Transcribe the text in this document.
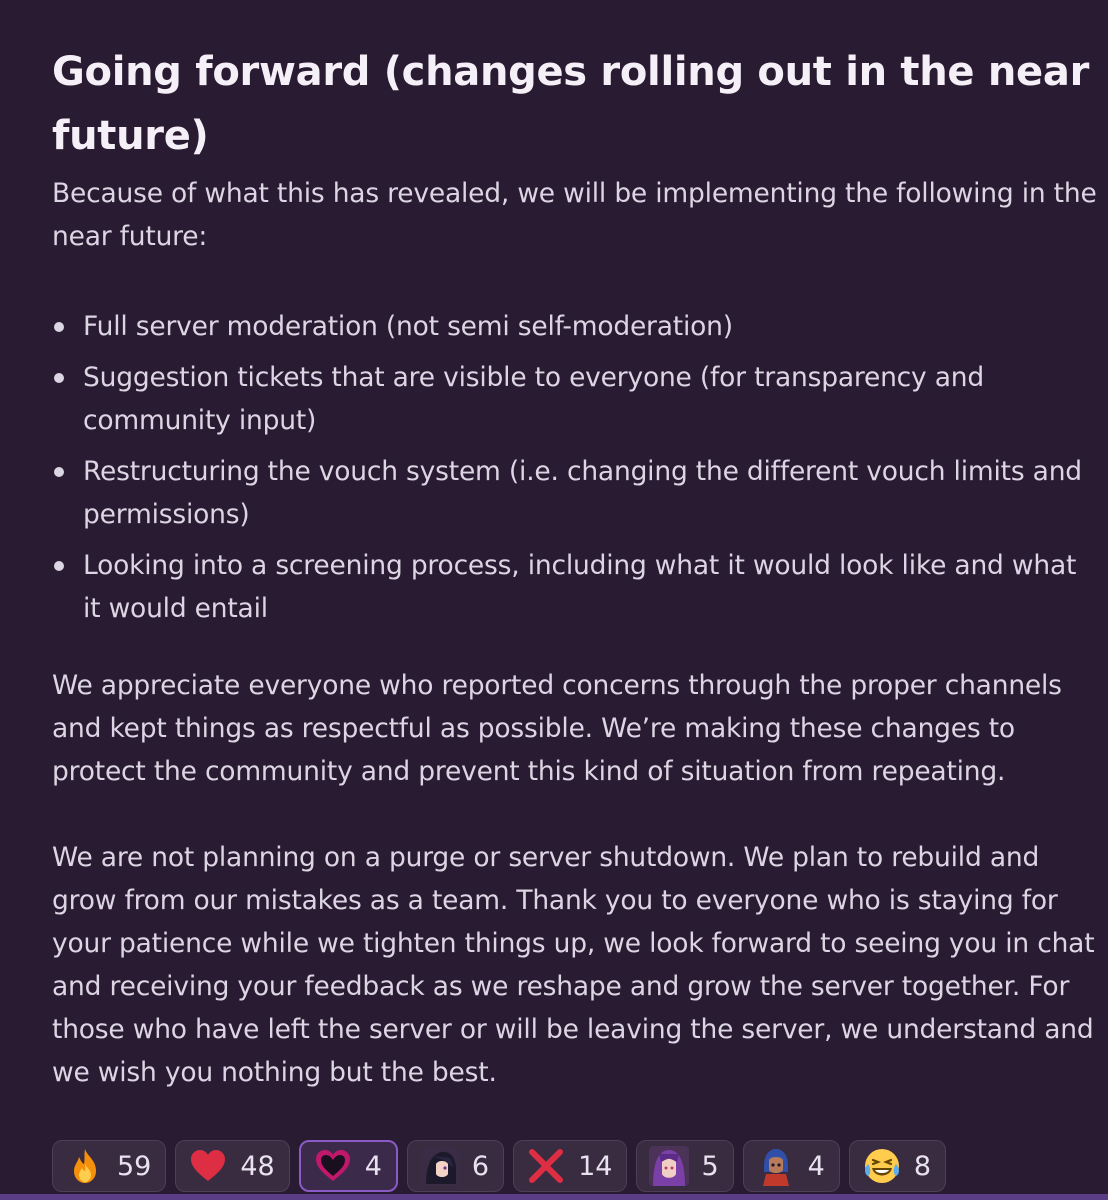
Going forward (changes rolling out in the near future)

Because of what this has revealed, we will be implementing the following in the near future:

Full server moderation (not semi self-moderation)
Suggestion tickets that are visible to everyone (for transparency and community input)
Restructuring the vouch system (i.e. changing the different vouch limits and permissions)
Looking into a screening process, including what it would look like and what it would entail

We appreciate everyone who reported concerns through the proper channels and kept things as respectful as possible. We’re making these changes to protect the community and prevent this kind of situation from repeating.

We are not planning on a purge or server shutdown. We plan to rebuild and grow from our mistakes as a team. Thank you to everyone who is staying for your patience while we tighten things up, we look forward to seeing you in chat and receiving your feedback as we reshape and grow the server together. For those who have left the server or will be leaving the server, we understand and we wish you nothing but the best.

59	48	4	6	14	5	4	8
